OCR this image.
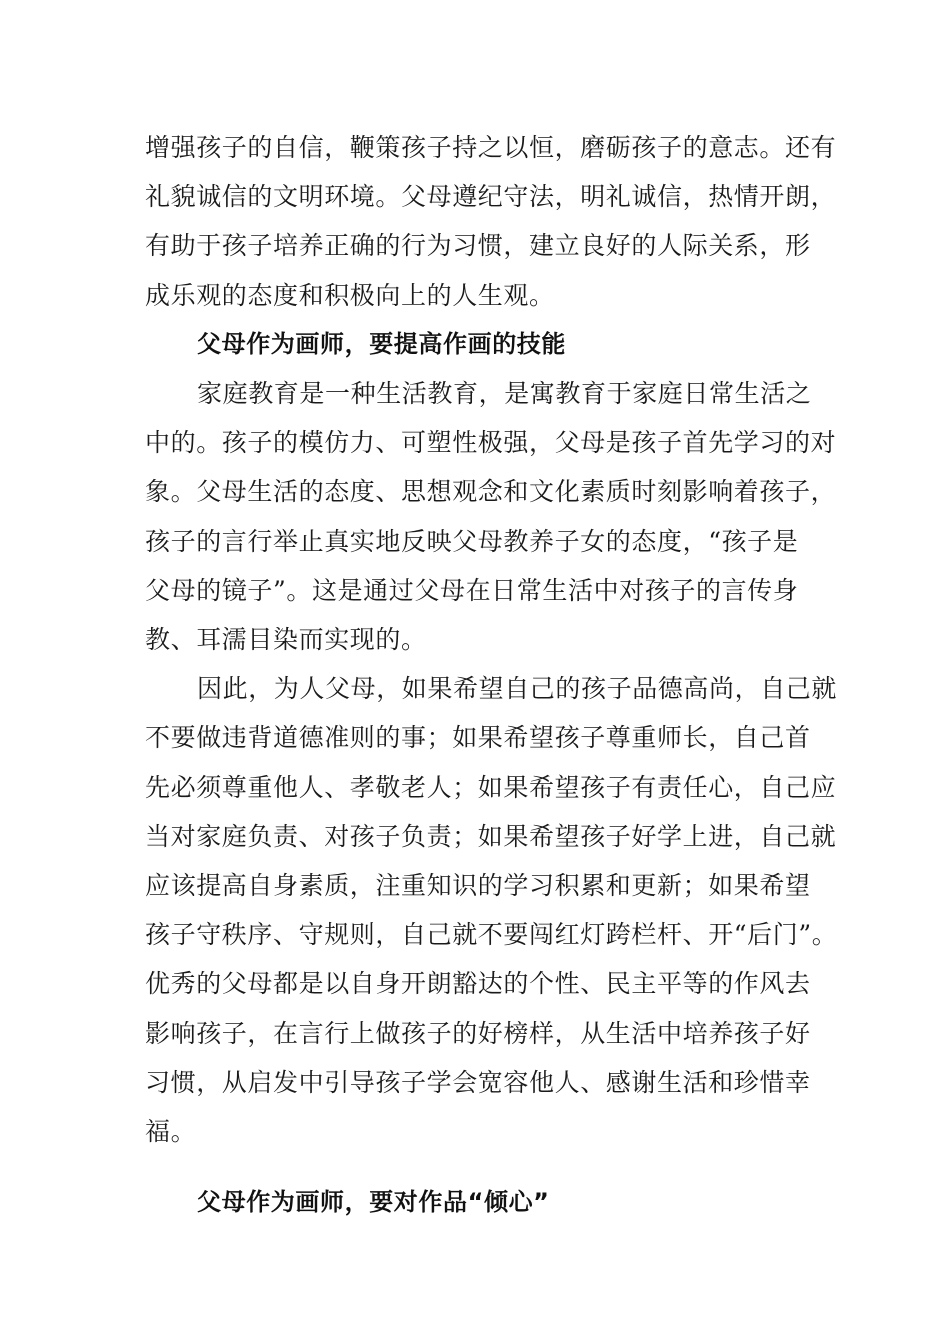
增强孩子的自信，鞭策孩子持之以恒，磨砺孩子的意志。还有
礼貌诚信的文明环境。父母遵纪守法，明礼诚信，热情开朗，
有助于孩子培养正确的行为习惯，建立良好的人际关系，形
成乐观的态度和积极向上的人生观。

父母作为画师，要提高作画的技能

家庭教育是一种生活教育，是寓教育于家庭日常生活之
中的。孩子的模仿力、可塑性极强，父母是孩子首先学习的对
象。父母生活的态度、思想观念和文化素质时刻影响着孩子，
孩子的言行举止真实地反映父母教养子女的态度，“孩子是
父母的镜子”。这是通过父母在日常生活中对孩子的言传身
教、耳濡目染而实现的。

因此，为人父母，如果希望自己的孩子品德高尚，自己就
不要做违背道德准则的事；如果希望孩子尊重师长，自己首
先必须尊重他人、孝敬老人；如果希望孩子有责任心，自己应
当对家庭负责、对孩子负责；如果希望孩子好学上进，自己就
应该提高自身素质，注重知识的学习积累和更新；如果希望
孩子守秩序、守规则，自己就不要闯红灯跨栏杆、开“后门”。
优秀的父母都是以自身开朗豁达的个性、民主平等的作风去
影响孩子，在言行上做孩子的好榜样，从生活中培养孩子好
习惯，从启发中引导孩子学会宽容他人、感谢生活和珍惜幸
福。

父母作为画师，要对作品“倾心”
